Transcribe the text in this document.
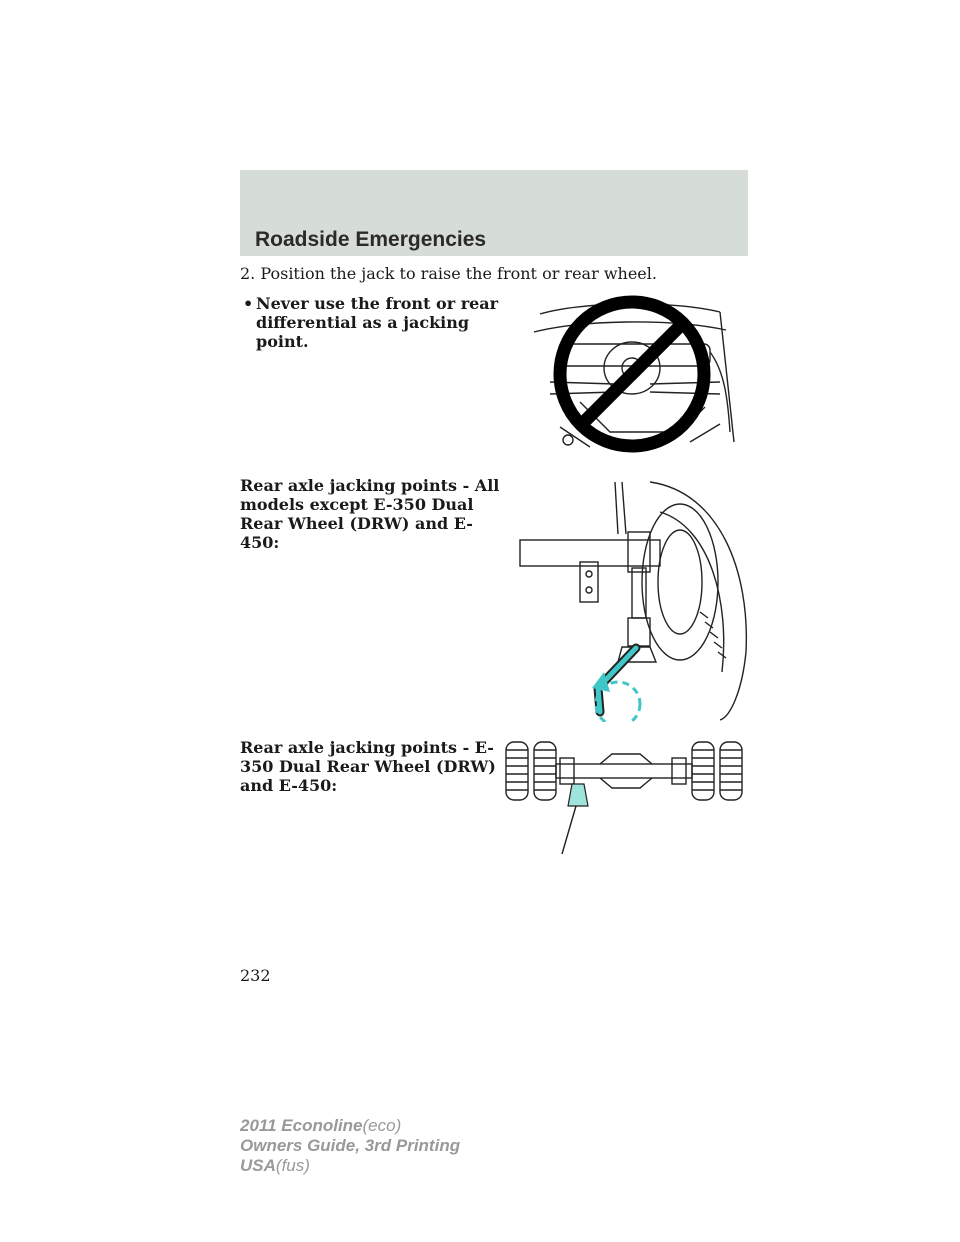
Roadside Emergencies
2. Position the jack to raise the front or rear wheel.
• Never use the front or rear differential as a jacking point.
Rear axle jacking points - All models except E-350 Dual Rear Wheel (DRW) and E-450:
Rear axle jacking points - E-350 Dual Rear Wheel (DRW) and E-450:
232
2011 Econoline(eco)
Owners Guide, 3rd Printing
USA(fus)
